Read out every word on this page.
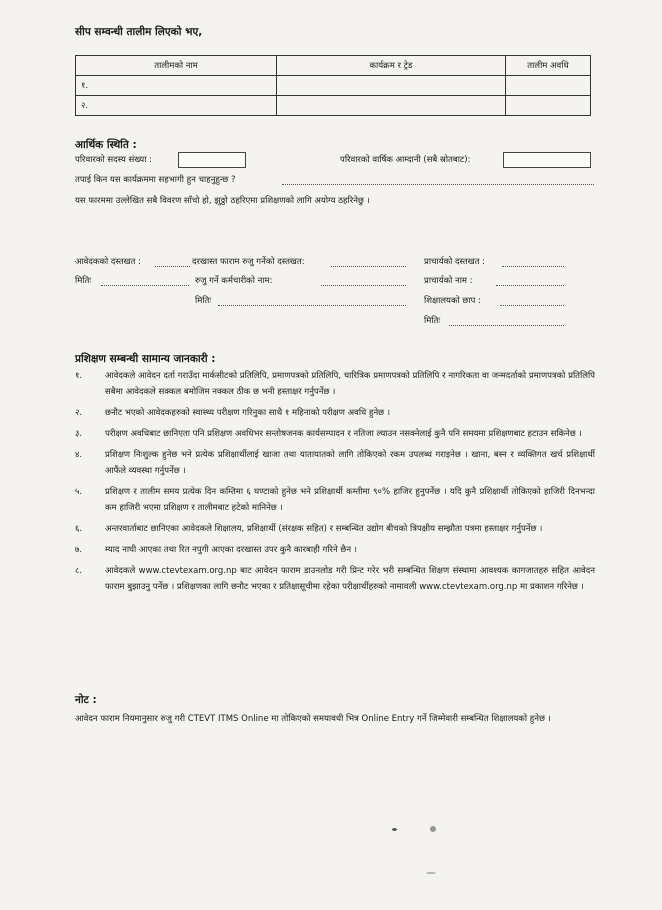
सीप सम्वन्धी तालीम लिएको भए,
तालीमको नाम	कार्यक्रम र ट्रेड	तालीम अवधि
१.		
२.		
आर्थिक स्थिति :
परिवारको सदस्य संख्या :	परिवारको वार्षिक आम्दानी (सबै स्रोतबाट):
तपाई किन यस कार्यक्रममा सहभागी हुन चाहनुहुन्छ ?
यस फारममा उल्लेखित सबै विवरण साँचो हो, झुठ्ठो ठहरिएमा प्रशिक्षणको लागि अयोग्य ठहरिनेछु ।
आवेदकको दस्तखत :	दरखास्त फाराम रुजु गर्नेको दस्तखत:	प्राचार्यको दस्तखत :
मितिः	रुजु गर्ने कर्मचारीको नाम:	प्राचार्यको नाम :
मितिः	शिक्षालयको छाप :
मितिः
प्रशिक्षण सम्बन्धी सामान्य जानकारी :
१.	आवेदकले आवेदन दर्ता गराउँदा मार्कसीटको प्रतिलिपि, प्रमाणपत्रको प्रतिलिपि, चारित्रिक प्रमाणपत्रको प्रतिलिपि र नागरिकता वा जन्मदर्ताको प्रमाणपत्रको प्रतिलिपि सबैमा आवेदकले सक्कल बमोजिम नक्कल ठीक छ भनी हस्ताक्षर गर्नुपर्नेछ ।
२.	छनौट भएको आवेदकहरुको स्वास्थ्य परीक्षण गरिनुका साथै १ महिनाको परीक्षण अवधि हुनेछ ।
३.	परीक्षण अवधिबाट छानिएता पनि प्रशिक्षण अवधिभर सन्तोषजनक कार्यसम्पादन र नतिजा ल्याउन नसक्नेलाई कुनै पनि समयमा प्रशिक्षणबाट हटाउन सकिनेछ ।
४.	प्रशिक्षण निःशुल्क हुनेछ भने प्रत्येक प्रशिक्षार्थीलाई खाजा तथा यातायातको लागि तोकिएको रकम उपलब्ध गराइनेछ । खाना, बस्न र व्यक्तिगत खर्च प्रशिक्षार्थी आफैंले व्यवस्था गर्नुपर्नेछ ।
५.	प्रशिक्षण र तालीम समय प्रत्येक दिन कम्तिमा ६ घण्टाको हुनेछ भने प्रशिक्षार्थी कम्तीमा ९०% हाजिर हुनुपर्नेछ । यदि कुनै प्रशिक्षार्थी तोकिएको हाजिरी दिनभन्दा कम हाजिरी भएमा प्रशिक्षण र तालीमबाट हटेको मानिनेछ ।
६.	अन्तरवार्ताबाट छानिएका आवेदकले शिक्षालय, प्रशिक्षार्थी (संरक्षक सहित) र सम्बन्धित उद्योग बीचको त्रिपक्षीय सम्झौता पत्रमा हस्ताक्षर गर्नुपर्नेछ ।
७.	म्याद नाघी आएका तथा रित नपुगी आएका दरखास्त उपर कुनै कारबाही गरिने छैन ।
८.	आवेदकले www.ctevtexam.org.np बाट आवेदन फाराम डाउनलोड गरी प्रिन्ट गरेर भरी सम्बन्धित शिक्षण संस्थामा आवश्यक कागजातहरु सहित आवेदन फाराम बुझाउनु पर्नेछ । प्रशिक्षणका लागि छनौट भएका र प्रतिक्षासूचीमा रहेका परीक्षार्थीहरुको नामावली www.ctevtexam.org.np मा प्रकाशन गरिनेछ ।
नोट :
आवेदन फाराम नियमानुसार रुजु गरी CTEVT ITMS Online मा तोकिएको समयावधी भित्र Online Entry गर्ने जिम्मेवारी सम्बन्धित शिक्षालयको हुनेछ ।
